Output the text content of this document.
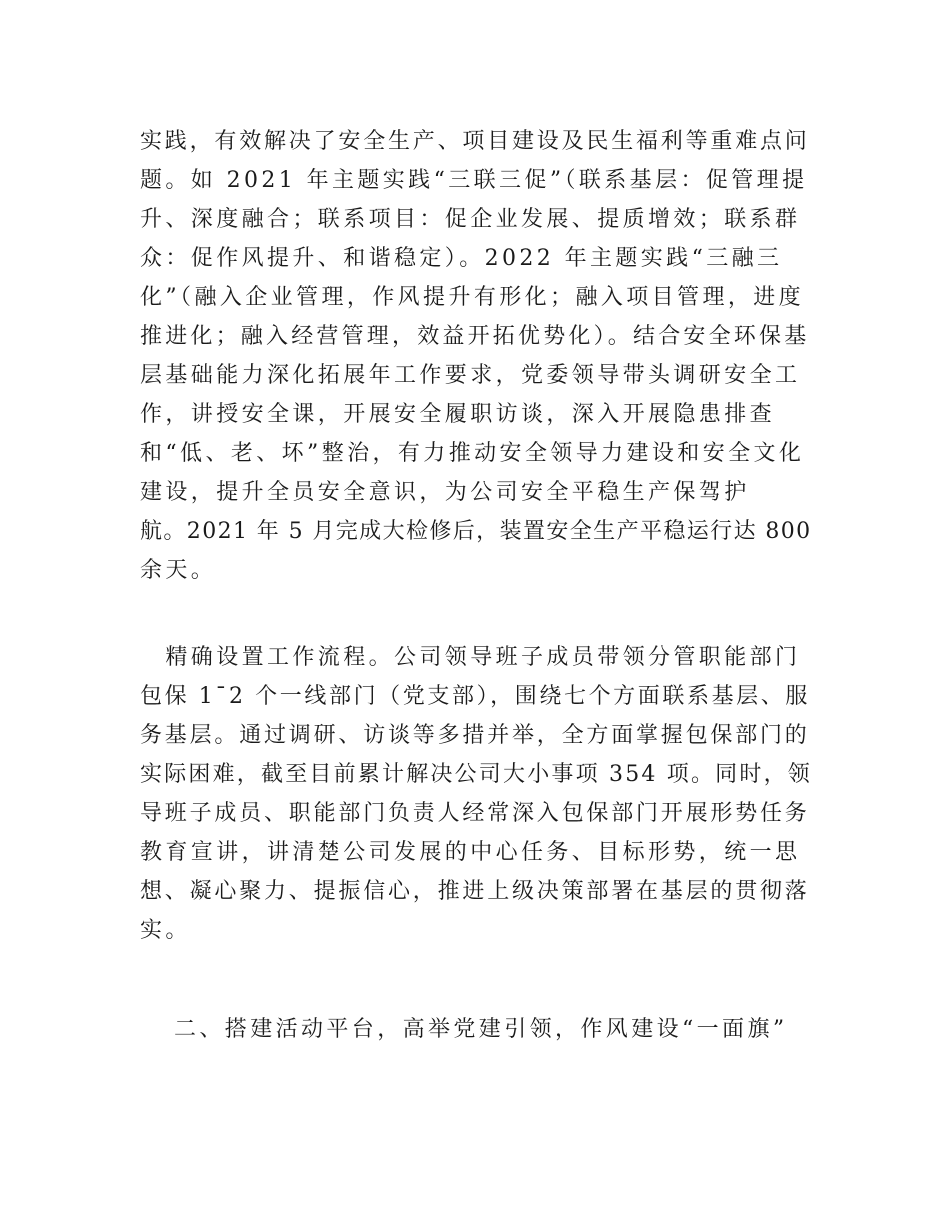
实践，有效解决了安全生产、项目建设及民生福利等重难点问
题。如 2021 年主题实践“三联三促”（联系基层：促管理提
升、深度融合；联系项目：促企业发展、提质增效；联系群
众：促作风提升、和谐稳定）。2022 年主题实践“三融三
化”（融入企业管理，作风提升有形化；融入项目管理，进度
推进化；融入经营管理，效益开拓优势化）。结合安全环保基
层基础能力深化拓展年工作要求，党委领导带头调研安全工
作，讲授安全课，开展安全履职访谈，深入开展隐患排查
和“低、老、坏”整治，有力推动安全领导力建设和安全文化
建设，提升全员安全意识，为公司安全平稳生产保驾护
航。2021 年 5 月完成大检修后，装置安全生产平稳运行达 800
余天。
　精确设置工作流程。公司领导班子成员带领分管职能部门
包保 1¯2 个一线部门（党支部），围绕七个方面联系基层、服
务基层。通过调研、访谈等多措并举，全方面掌握包保部门的
实际困难，截至目前累计解决公司大小事项 354 项。同时，领
导班子成员、职能部门负责人经常深入包保部门开展形势任务
教育宣讲，讲清楚公司发展的中心任务、目标形势，统一思
想、凝心聚力、提振信心，推进上级决策部署在基层的贯彻落
实。
二、搭建活动平台，高举党建引领，作风建设“一面旗”
